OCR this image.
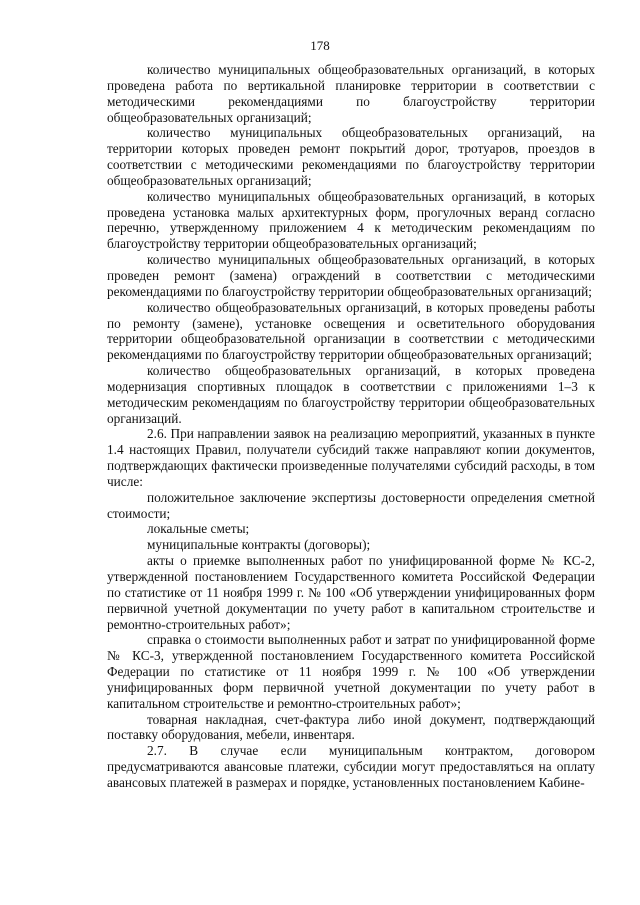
178

количество муниципальных общеобразовательных организаций, в которых проведена работа по вертикальной планировке территории в соответствии с методическими рекомендациями по благоустройству территории общеобразовательных организаций;

количество муниципальных общеобразовательных организаций, на территории которых проведен ремонт покрытий дорог, тротуаров, проездов в соответствии с методическими рекомендациями по благоустройству территории общеобразовательных организаций;

количество муниципальных общеобразовательных организаций, в которых проведена установка малых архитектурных форм, прогулочных веранд согласно перечню, утвержденному приложением 4 к методическим рекомендациям по благоустройству территории общеобразовательных организаций;

количество муниципальных общеобразовательных организаций, в которых проведен ремонт (замена) ограждений в соответствии с методическими рекомендациями по благоустройству территории общеобразовательных организаций;

количество общеобразовательных организаций, в которых проведены работы по ремонту (замене), установке освещения и осветительного оборудования территории общеобразовательной организации в соответствии с методическими рекомендациями по благоустройству территории общеобразовательных организаций;

количество общеобразовательных организаций, в которых проведена модернизация спортивных площадок в соответствии с приложениями 1–3 к методическим рекомендациям по благоустройству территории общеобразовательных организаций.

2.6. При направлении заявок на реализацию мероприятий, указанных в пункте 1.4 настоящих Правил, получатели субсидий также направляют копии документов, подтверждающих фактически произведенные получателями субсидий расходы, в том числе:

положительное заключение экспертизы достоверности определения сметной стоимости;

локальные сметы;

муниципальные контракты (договоры);

акты о приемке выполненных работ по унифицированной форме № КС-2, утвержденной постановлением Государственного комитета Российской Федерации по статистике от 11 ноября 1999 г. № 100 «Об утверждении унифицированных форм первичной учетной документации по учету работ в капитальном строительстве и ремонтно-строительных работ»;

справка о стоимости выполненных работ и затрат по унифицированной форме № КС-3, утвержденной постановлением Государственного комитета Российской Федерации по статистике от 11 ноября 1999 г. № 100 «Об утверждении унифицированных форм первичной учетной документации по учету работ в капитальном строительстве и ремонтно-строительных работ»;

товарная накладная, счет-фактура либо иной документ, подтверждающий поставку оборудования, мебели, инвентаря.

2.7. В случае если муниципальным контрактом, договором предусматриваются авансовые платежи, субсидии могут предоставляться на оплату авансовых платежей в размерах и порядке, установленных постановлением Кабине-
